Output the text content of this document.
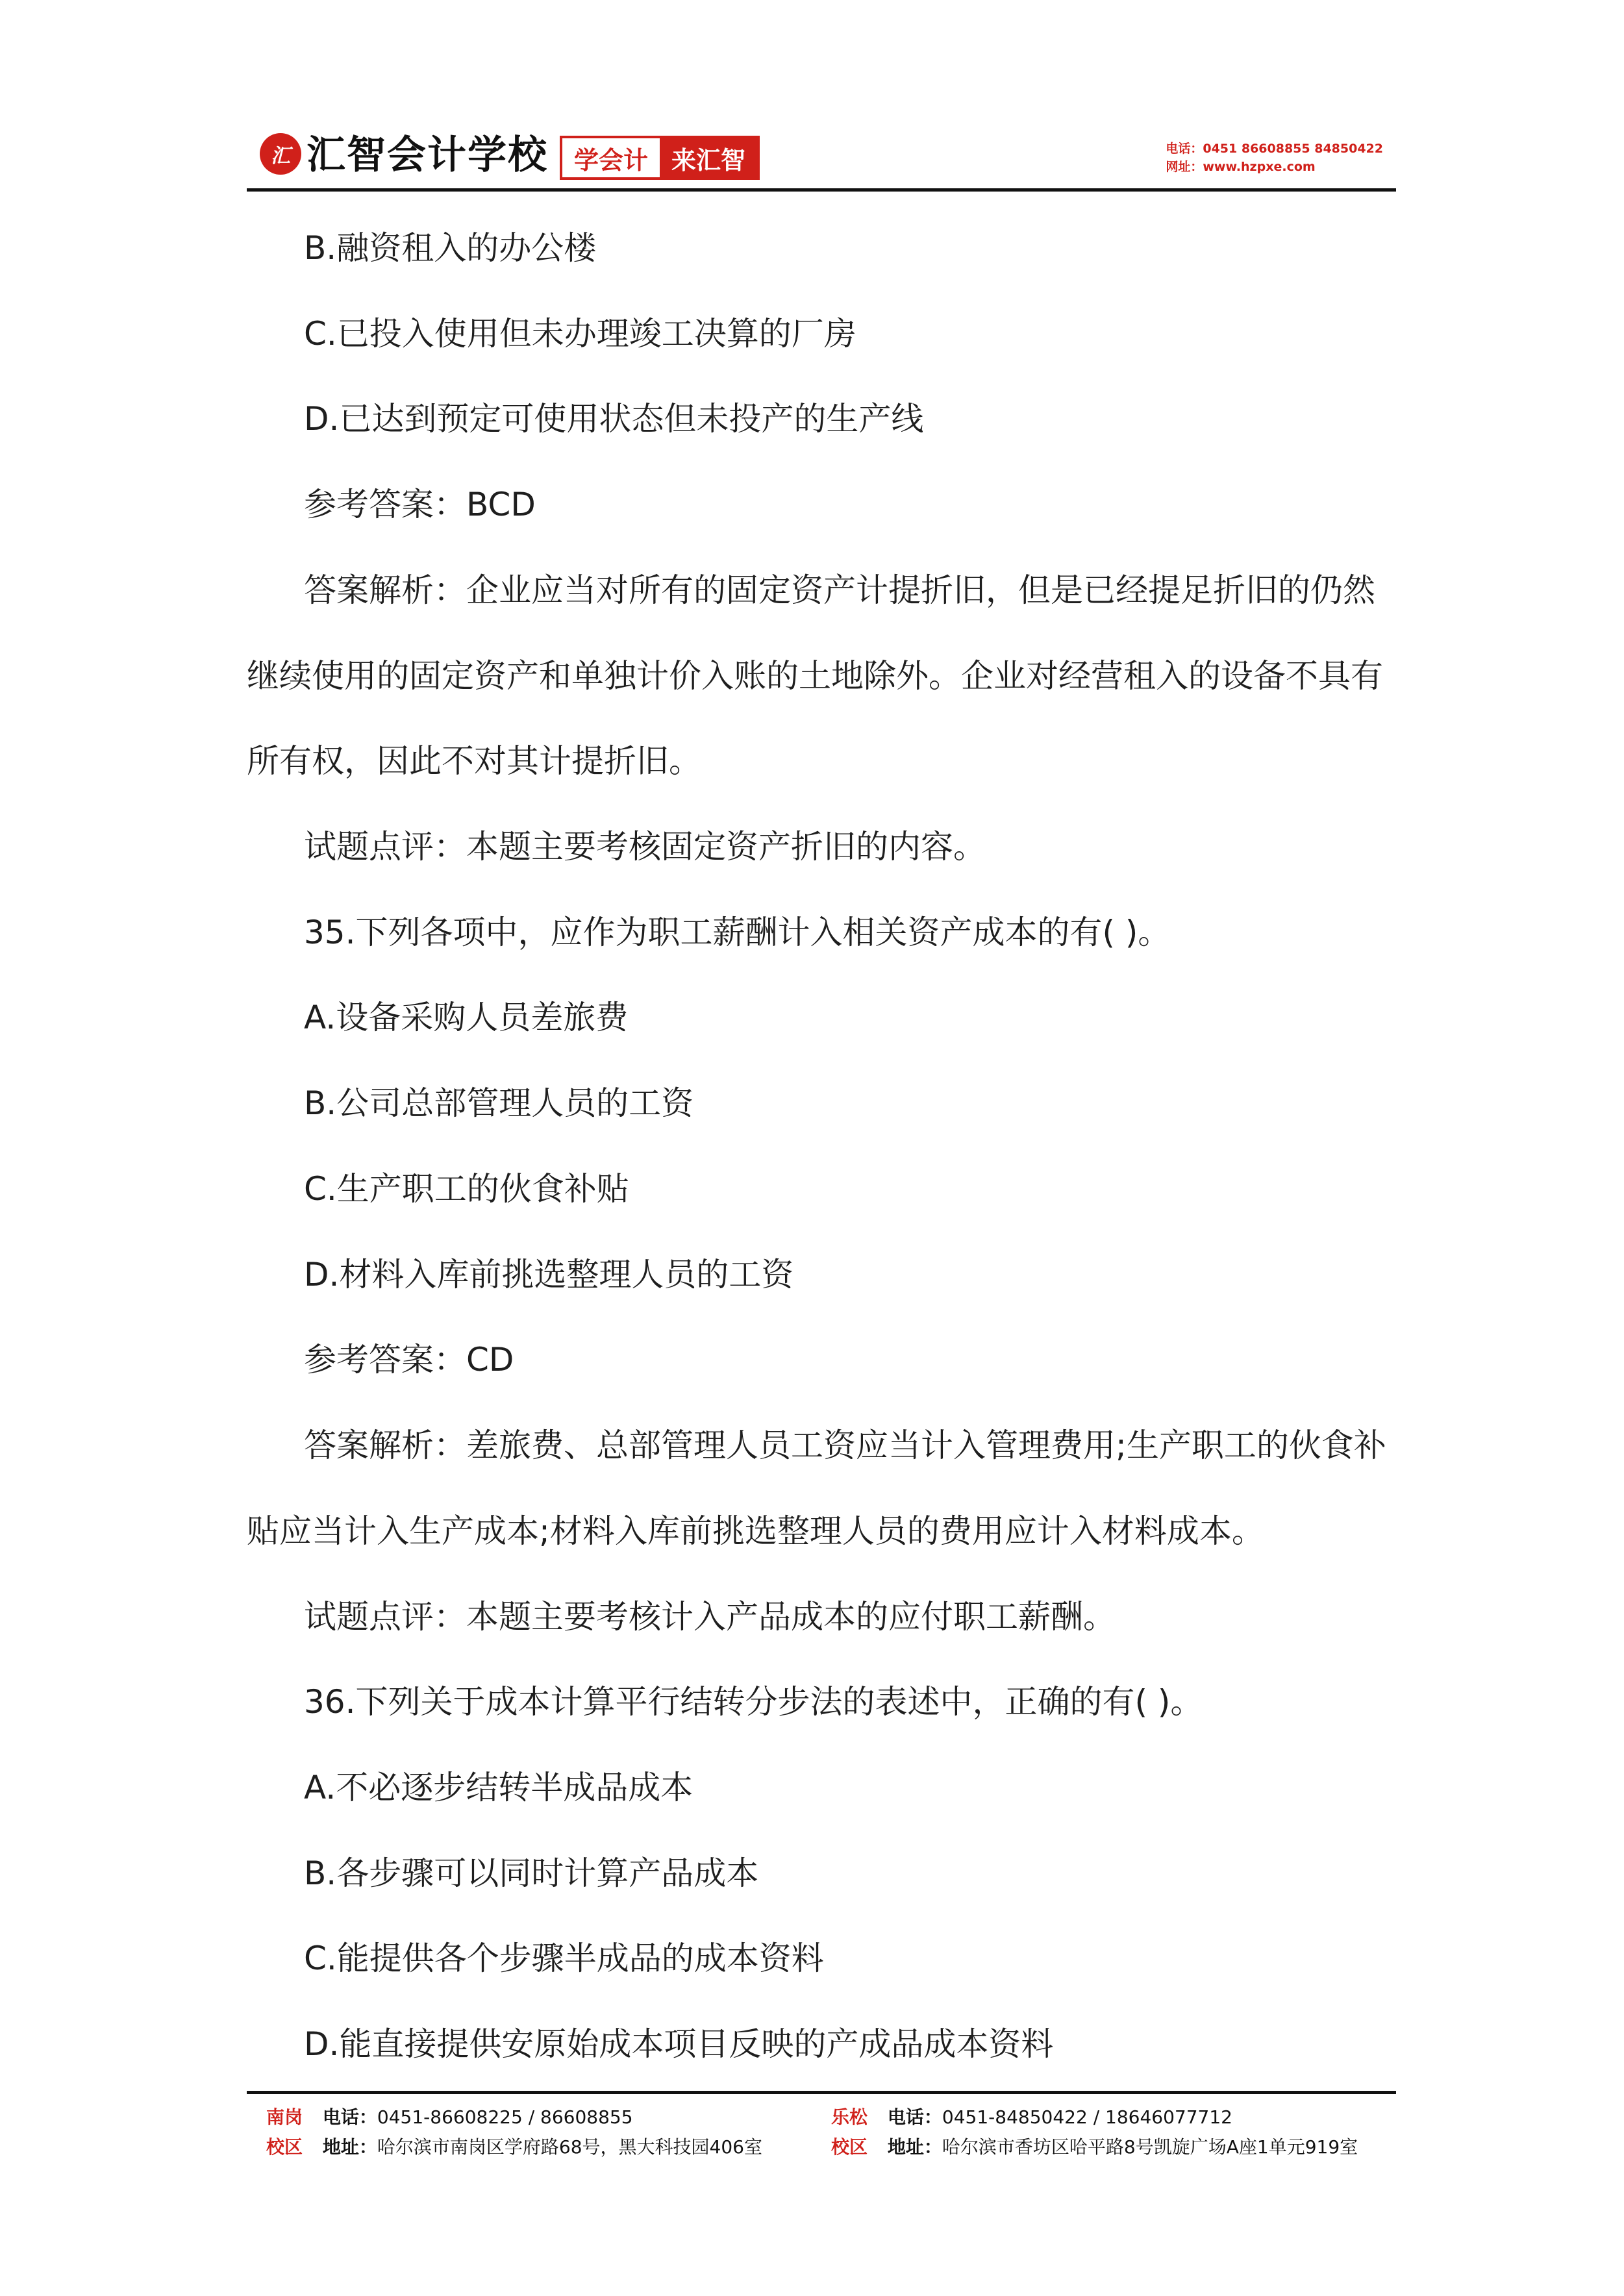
汇 汇智会计学校	学会计 来汇智	电话：0451 86608855 84850422
网址：www.hzpxe.com
B.融资租入的办公楼
C.已投入使用但未办理竣工决算的厂房
D.已达到预定可使用状态但未投产的生产线
参考答案：BCD
答案解析：企业应当对所有的固定资产计提折旧，但是已经提足折旧的仍然
继续使用的固定资产和单独计价入账的土地除外。企业对经营租入的设备不具有
所有权，因此不对其计提折旧。
试题点评：本题主要考核固定资产折旧的内容。
35.下列各项中，应作为职工薪酬计入相关资产成本的有( )。
A.设备采购人员差旅费
B.公司总部管理人员的工资
C.生产职工的伙食补贴
D.材料入库前挑选整理人员的工资
参考答案：CD
答案解析：差旅费、总部管理人员工资应当计入管理费用;生产职工的伙食补
贴应当计入生产成本;材料入库前挑选整理人员的费用应计入材料成本。
试题点评：本题主要考核计入产品成本的应付职工薪酬。
36.下列关于成本计算平行结转分步法的表述中，正确的有( )。
A.不必逐步结转半成品成本
B.各步骤可以同时计算产品成本
C.能提供各个步骤半成品的成本资料
D.能直接提供安原始成本项目反映的产成品成本资料
南岗 电话：0451-86608225 / 86608855
校区 地址：哈尔滨市南岗区学府路68号，黑大科技园406室
乐松 电话：0451-84850422 / 18646077712
校区 地址：哈尔滨市香坊区哈平路8号凯旋广场A座1单元919室
